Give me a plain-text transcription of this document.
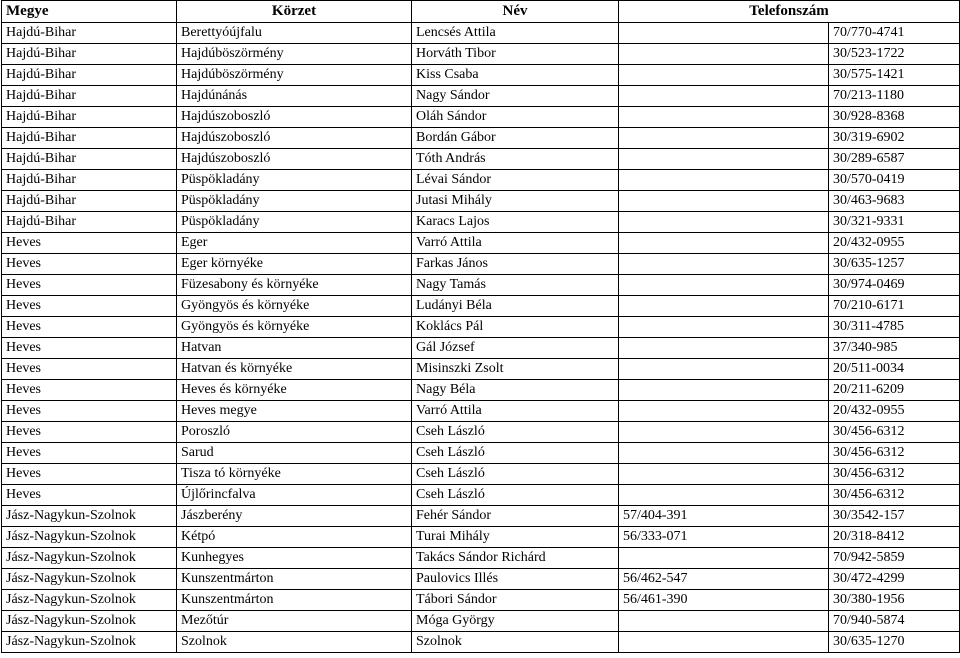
Megye	Körzet	Név	Telefonszám	
Hajdú-Bihar	Berettyóújfalu	Lencsés Attila		70/770-4741
Hajdú-Bihar	Hajdúböszörmény	Horváth Tibor		30/523-1722
Hajdú-Bihar	Hajdúböszörmény	Kiss Csaba		30/575-1421
Hajdú-Bihar	Hajdúnánás	Nagy Sándor		70/213-1180
Hajdú-Bihar	Hajdúszoboszló	Oláh Sándor		30/928-8368
Hajdú-Bihar	Hajdúszoboszló	Bordán Gábor		30/319-6902
Hajdú-Bihar	Hajdúszoboszló	Tóth András		30/289-6587
Hajdú-Bihar	Püspökladány	Lévai Sándor		30/570-0419
Hajdú-Bihar	Püspökladány	Jutasi Mihály		30/463-9683
Hajdú-Bihar	Püspökladány	Karacs Lajos		30/321-9331
Heves	Eger	Varró Attila		20/432-0955
Heves	Eger környéke	Farkas János		30/635-1257
Heves	Füzesabony és környéke	Nagy Tamás		30/974-0469
Heves	Gyöngyös és környéke	Ludányi Béla		70/210-6171
Heves	Gyöngyös és környéke	Koklács Pál		30/311-4785
Heves	Hatvan	Gál József		37/340-985
Heves	Hatvan és környéke	Misinszki Zsolt		20/511-0034
Heves	Heves és környéke	Nagy Béla		20/211-6209
Heves	Heves megye	Varró Attila		20/432-0955
Heves	Poroszló	Cseh László		30/456-6312
Heves	Sarud	Cseh László		30/456-6312
Heves	Tisza tó környéke	Cseh László		30/456-6312
Heves	Újlőrincfalva	Cseh László		30/456-6312
Jász-Nagykun-Szolnok	Jászberény	Fehér Sándor	57/404-391	30/3542-157
Jász-Nagykun-Szolnok	Kétpó	Turai Mihály	56/333-071	20/318-8412
Jász-Nagykun-Szolnok	Kunhegyes	Takács Sándor Richárd		70/942-5859
Jász-Nagykun-Szolnok	Kunszentmárton	Paulovics Illés	56/462-547	30/472-4299
Jász-Nagykun-Szolnok	Kunszentmárton	Tábori Sándor	56/461-390	30/380-1956
Jász-Nagykun-Szolnok	Mezőtúr	Móga György		70/940-5874
Jász-Nagykun-Szolnok	Szolnok	Szolnok		30/635-1270
